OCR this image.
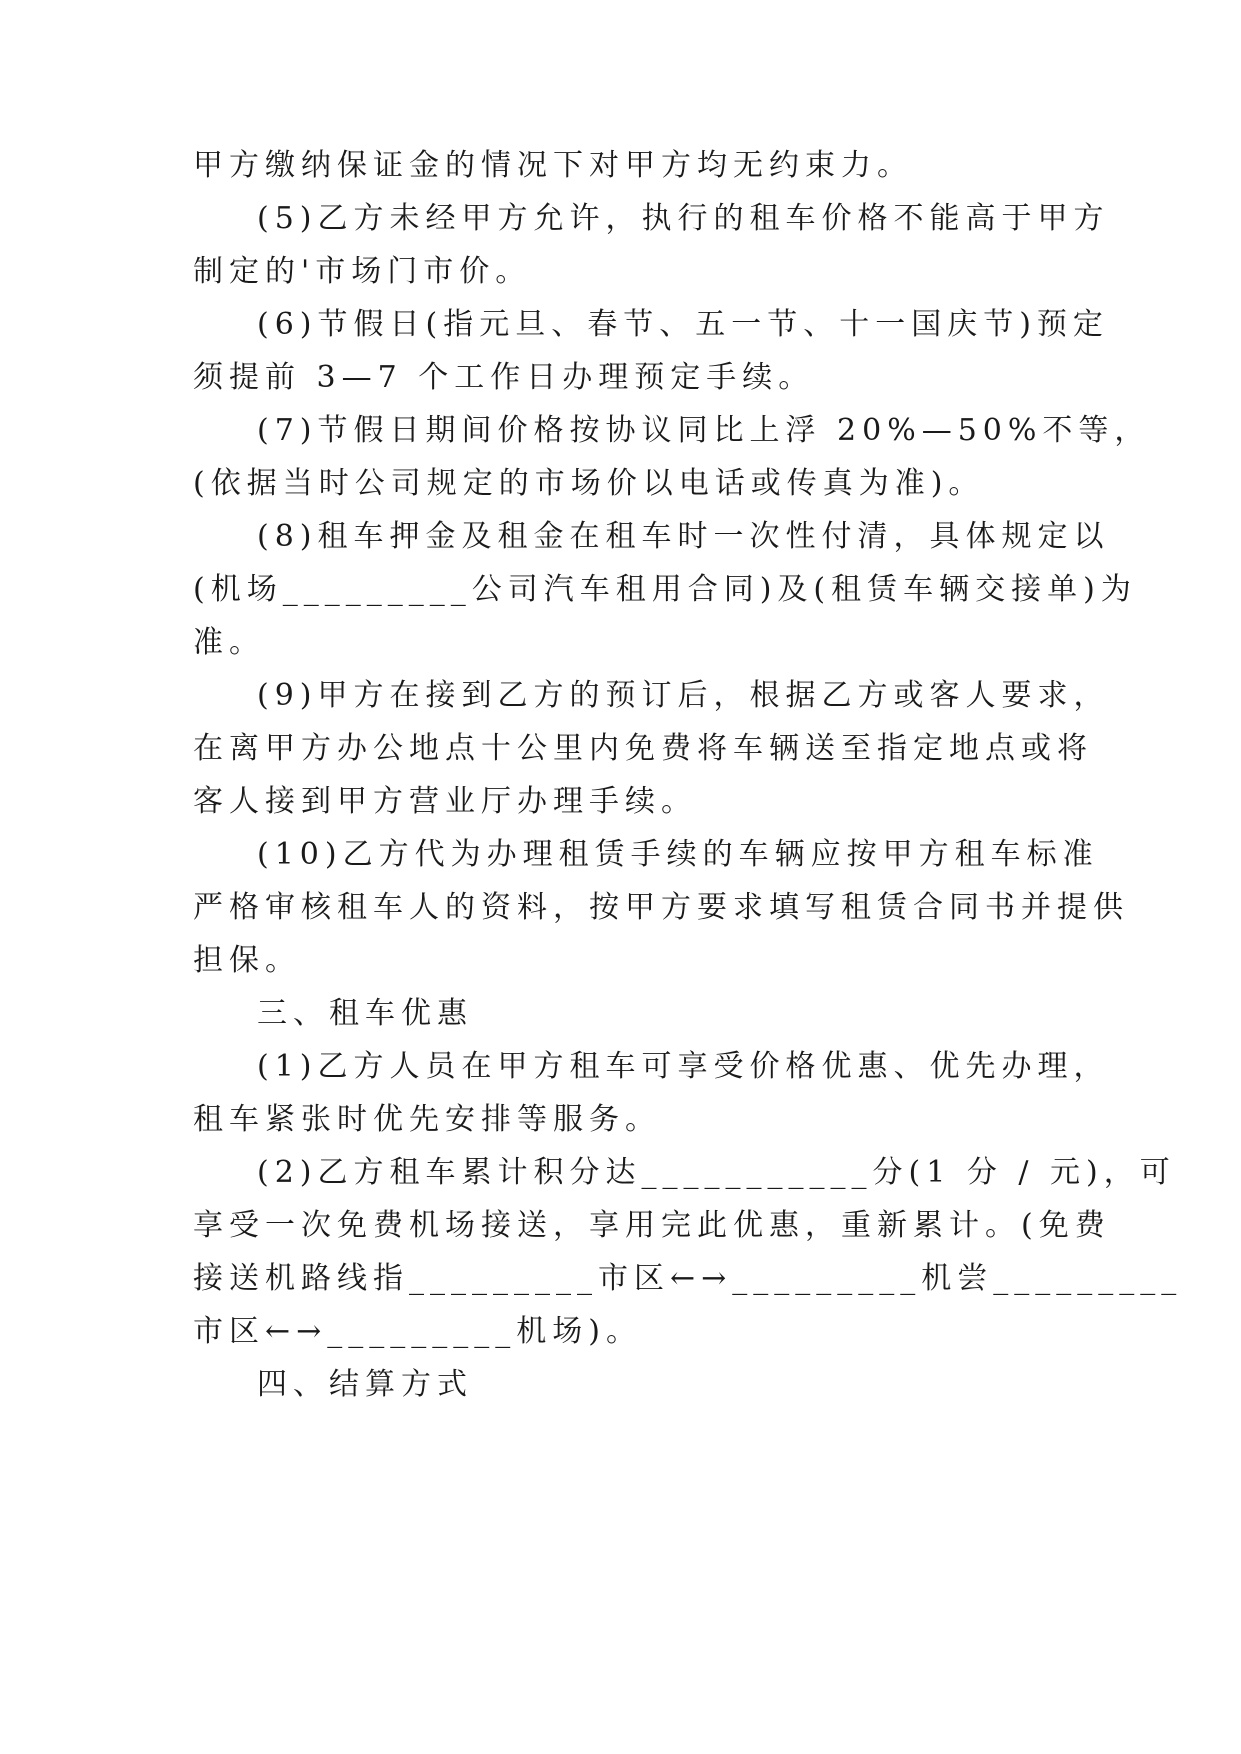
甲方缴纳保证金的情况下对甲方均无约束力。
(5)乙方未经甲方允许，执行的租车价格不能高于甲方
制定的'市场门市价。
(6)节假日(指元旦、春节、五一节、十一国庆节)预定
须提前 3—7 个工作日办理预定手续。
(7)节假日期间价格按协议同比上浮 20%—50%不等，
(依据当时公司规定的市场价以电话或传真为准)。
(8)租车押金及租金在租车时一次性付清，具体规定以
(机场_________公司汽车租用合同)及(租赁车辆交接单)为
准。
(9)甲方在接到乙方的预订后，根据乙方或客人要求，
在离甲方办公地点十公里内免费将车辆送至指定地点或将
客人接到甲方营业厅办理手续。
(10)乙方代为办理租赁手续的车辆应按甲方租车标准
严格审核租车人的资料，按甲方要求填写租赁合同书并提供
担保。
三、租车优惠
(1)乙方人员在甲方租车可享受价格优惠、优先办理，
租车紧张时优先安排等服务。
(2)乙方租车累计积分达___________分(1 分 / 元)，可
享受一次免费机场接送，享用完此优惠，重新累计。(免费
接送机路线指_________市区←→_________机尝_________
市区←→_________机场)。
四、结算方式
